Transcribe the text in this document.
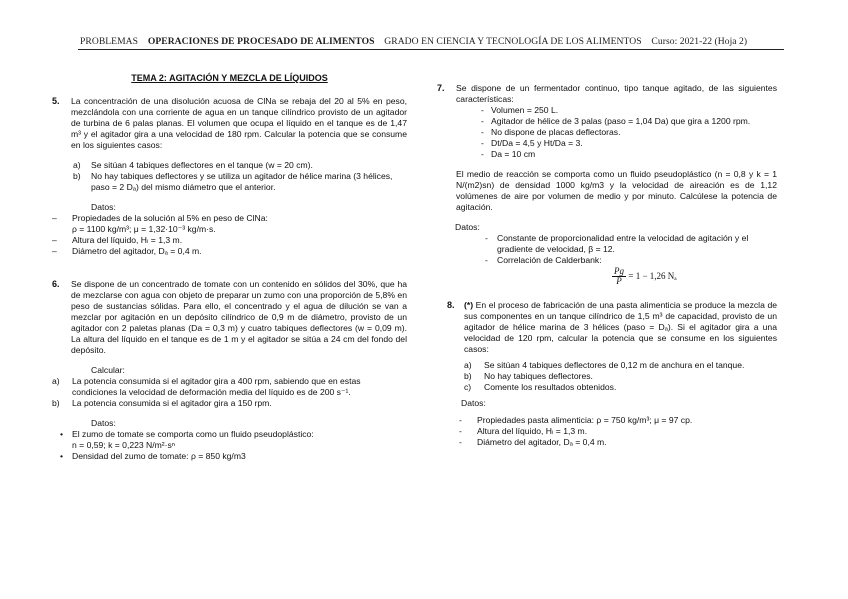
PROBLEMAS OPERACIONES DE PROCESADO DE ALIMENTOS GRADO EN CIENCIA Y TECNOLOGÍA DE LOS ALIMENTOS Curso: 2021-22 (Hoja 2)
TEMA 2: AGITACIÓN Y MEZCLA DE LÍQUIDOS
5. La concentración de una disolución acuosa de ClNa se rebaja del 20 al 5% en peso, mezclándola con una corriente de agua en un tanque cilíndrico provisto de un agitador de turbina de 6 palas planas. El volumen que ocupa el líquido en el tanque es de 1,47 m³ y el agitador gira a una velocidad de 180 rpm. Calcular la potencia que se consume en los siguientes casos:
a) Se sitúan 4 tabiques deflectores en el tanque (w = 20 cm).
b) No hay tabiques deflectores y se utiliza un agitador de hélice marina (3 hélices, paso = 2 Dₐ) del mismo diámetro que el anterior.
Datos:
– Propiedades de la solución al 5% en peso de ClNa:
ρ = 1100 kg/m³; μ = 1,32·10⁻³ kg/m·s.
– Altura del líquido, Hₗ = 1,3 m.
– Diámetro del agitador, Dₐ = 0,4 m.
6. Se dispone de un concentrado de tomate con un contenido en sólidos del 30%, que ha de mezclarse con agua con objeto de preparar un zumo con una proporción de 5,8% en peso de sustancias sólidas. Para ello, el concentrado y el agua de dilución se van a mezclar por agitación en un depósito cilíndrico de 0,9 m de diámetro, provisto de un agitador con 2 paletas planas (Da = 0,3 m) y cuatro tabiques deflectores (w = 0,09 m). La altura del líquido en el tanque es de 1 m y el agitador se sitúa a 24 cm del fondo del depósito.
Calcular:
a) La potencia consumida si el agitador gira a 400 rpm, sabiendo que en estas condiciones la velocidad de deformación media del líquido es de 200 s⁻¹.
b) La potencia consumida si el agitador gira a 150 rpm.
Datos:
• El zumo de tomate se comporta como un fluido pseudoplástico:
n = 0,59; k = 0,223 N/m²·sⁿ
• Densidad del zumo de tomate: ρ = 850 kg/m3
7. Se dispone de un fermentador continuo, tipo tanque agitado, de las siguientes características:
- Volumen = 250 L.
- Agitador de hélice de 3 palas (paso = 1,04 Da) que gira a 1200 rpm.
- No dispone de placas deflectoras.
- Dt/Da = 4,5 y Ht/Da = 3.
- Da = 10 cm
El medio de reacción se comporta como un fluido pseudoplástico (n = 0,8 y k = 1 N/(m2)sn) de densidad 1000 kg/m3 y la velocidad de aireación es de 1,12 volúmenes de aire por volumen de medio y por minuto. Calcúlese la potencia de agitación.
Datos:
- Constante de proporcionalidad entre la velocidad de agitación y el gradiente de velocidad, β = 12.
- Correlación de Calderbank:
$\frac{Pg}{P} = 1 - 1,26$ Nₐ
8.	(*) En el proceso de fabricación de una pasta alimenticia se produce la mezcla de sus componentes en un tanque cilíndrico de 1,5 m³ de capacidad, provisto de un agitador de hélice marina de 3 hélices (paso = Dₐ). Si el agitador gira a una velocidad de 120 rpm, calcular la potencia que se consume en los siguientes casos:
a) Se sitúan 4 tabiques deflectores de 0,12 m de anchura en el tanque.
b) No hay tabiques deflectores.
c) Comente los resultados obtenidos.
Datos:
- Propiedades pasta alimenticia: ρ = 750 kg/m³; μ = 97 cp.
- Altura del líquido, Hₗ = 1,3 m.
- Diámetro del agitador, Dₐ = 0,4 m.
